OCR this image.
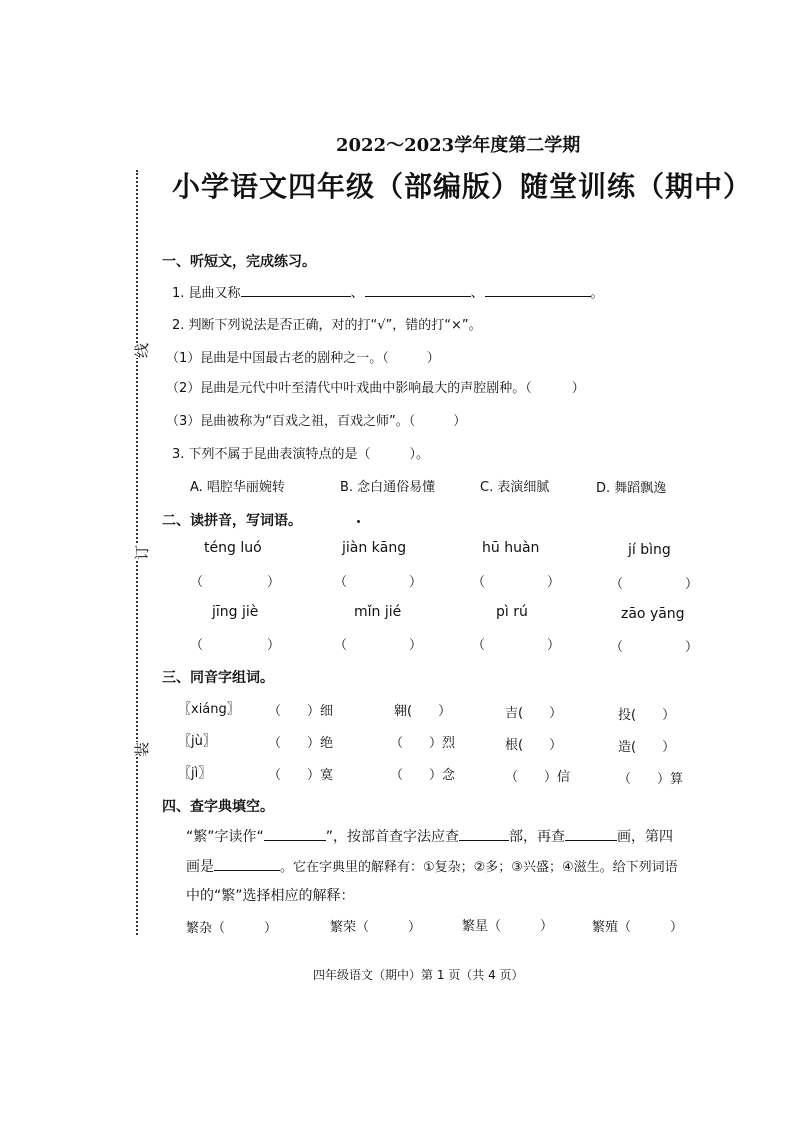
线
订
装
2022～2023学年度第二学期
小学语文四年级（部编版）随堂训练（期中）
一、听短文，完成练习。
1. 昆曲又称	、	、	。
2. 判断下列说法是否正确，对的打“√”，错的打“×”。
（1）昆曲是中国最古老的剧种之一。（	）
（2）昆曲是元代中叶至清代中叶戏曲中影响最大的声腔剧种。（	）
（3）昆曲被称为“百戏之祖，百戏之师”。（	）
3. 下列不属于昆曲表演特点的是（　　　）。
A. 唱腔华丽婉转	B. 念白通俗易懂	C. 表演细腻	D. 舞蹈飘逸
二、读拼音，写词语。
téng luó	jiàn kāng	hū huàn	jí bìng
（	）	（	）	（	）	（	）
jīng jiè	mǐn jié	pì rú	zāo yāng
（	）	（	）	（	）	（	）
三、同音字组词。
〖xiáng〗 （　　）细	翱(　　）	吉(　　）	投(　　）
〖jù〗	（　　）绝	（　　）烈	根(　　）	造(　　）
〖jì〗	（　　）寞	（　　）念	（　　）信	（　　）算
四、查字典填空。
“繁”字读作“	”，按部首查字法应查	部，再查	画，第四
画是	。它在字典里的解释有：①复杂；②多；③兴盛；④滋生。给下列词语
中的“繁”选择相应的解释：
繁杂（　　　）	繁荣（　　　）	繁星（　　　）	繁殖（　　　）
四年级语文（期中）第 1 页（共 4 页）
